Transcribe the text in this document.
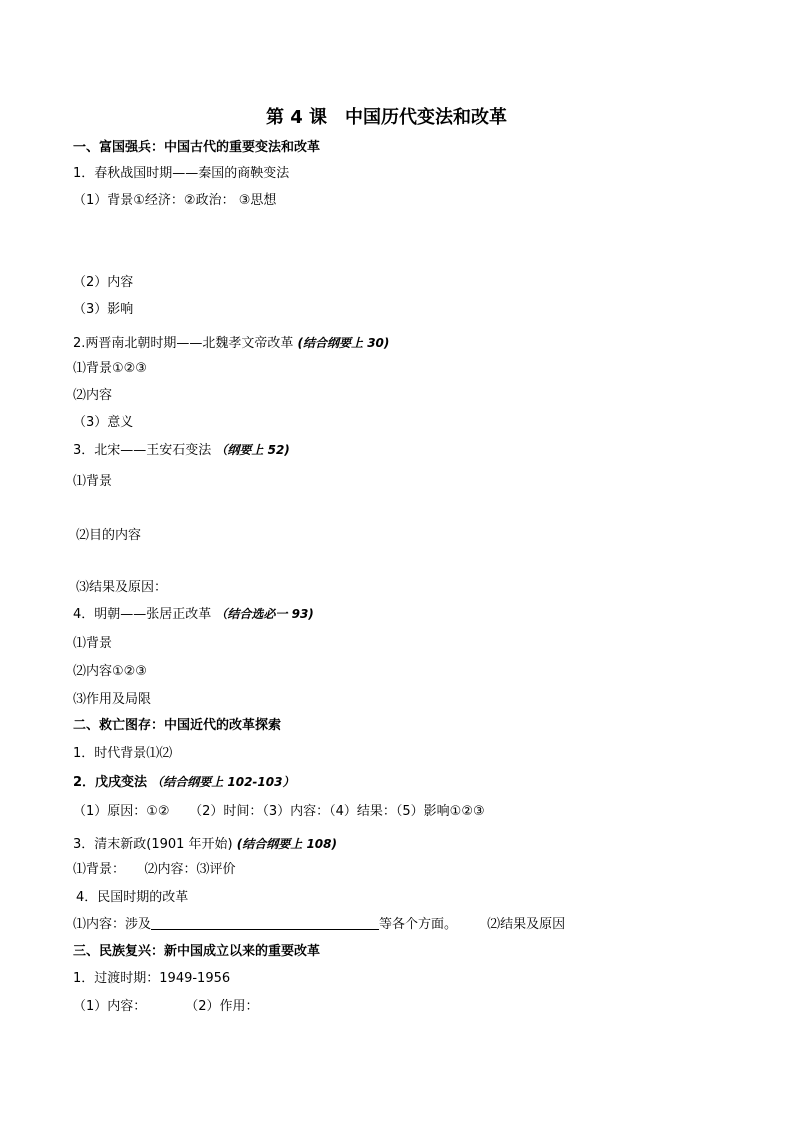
第 4 课　中国历代变法和改革
一、富国强兵：中国古代的重要变法和改革
1．春秋战国时期——秦国的商鞅变法
（1）背景①经济：②政治： ③思想
（2）内容
（3）影响
2.两晋南北朝时期——北魏孝文帝改革 (结合纲要上 30)
⑴背景①②③
⑵内容
（3）意义
3．北宋——王安石变法 （纲要上 52)
⑴背景
⑵目的内容
⑶结果及原因：
4．明朝——张居正改革 （结合选必一 93)
⑴背景
⑵内容①②③
⑶作用及局限
二、救亡图存：中国近代的改革探索
1．时代背景⑴⑵
2．戊戌变法 （结合纲要上 102-103）
（1）原因：①②　　（2）时间：（3）内容：（4）结果：（5）影响①②③
3．清末新政(1901 年开始) (结合纲要上 108)
⑴背景：　　⑵内容：⑶评价
4．民国时期的改革
⑴内容：涉及	等各个方面。 ⑵结果及原因
三、民族复兴：新中国成立以来的重要改革
1．过渡时期：1949-1956
（1）内容：　　　　（2）作用：
